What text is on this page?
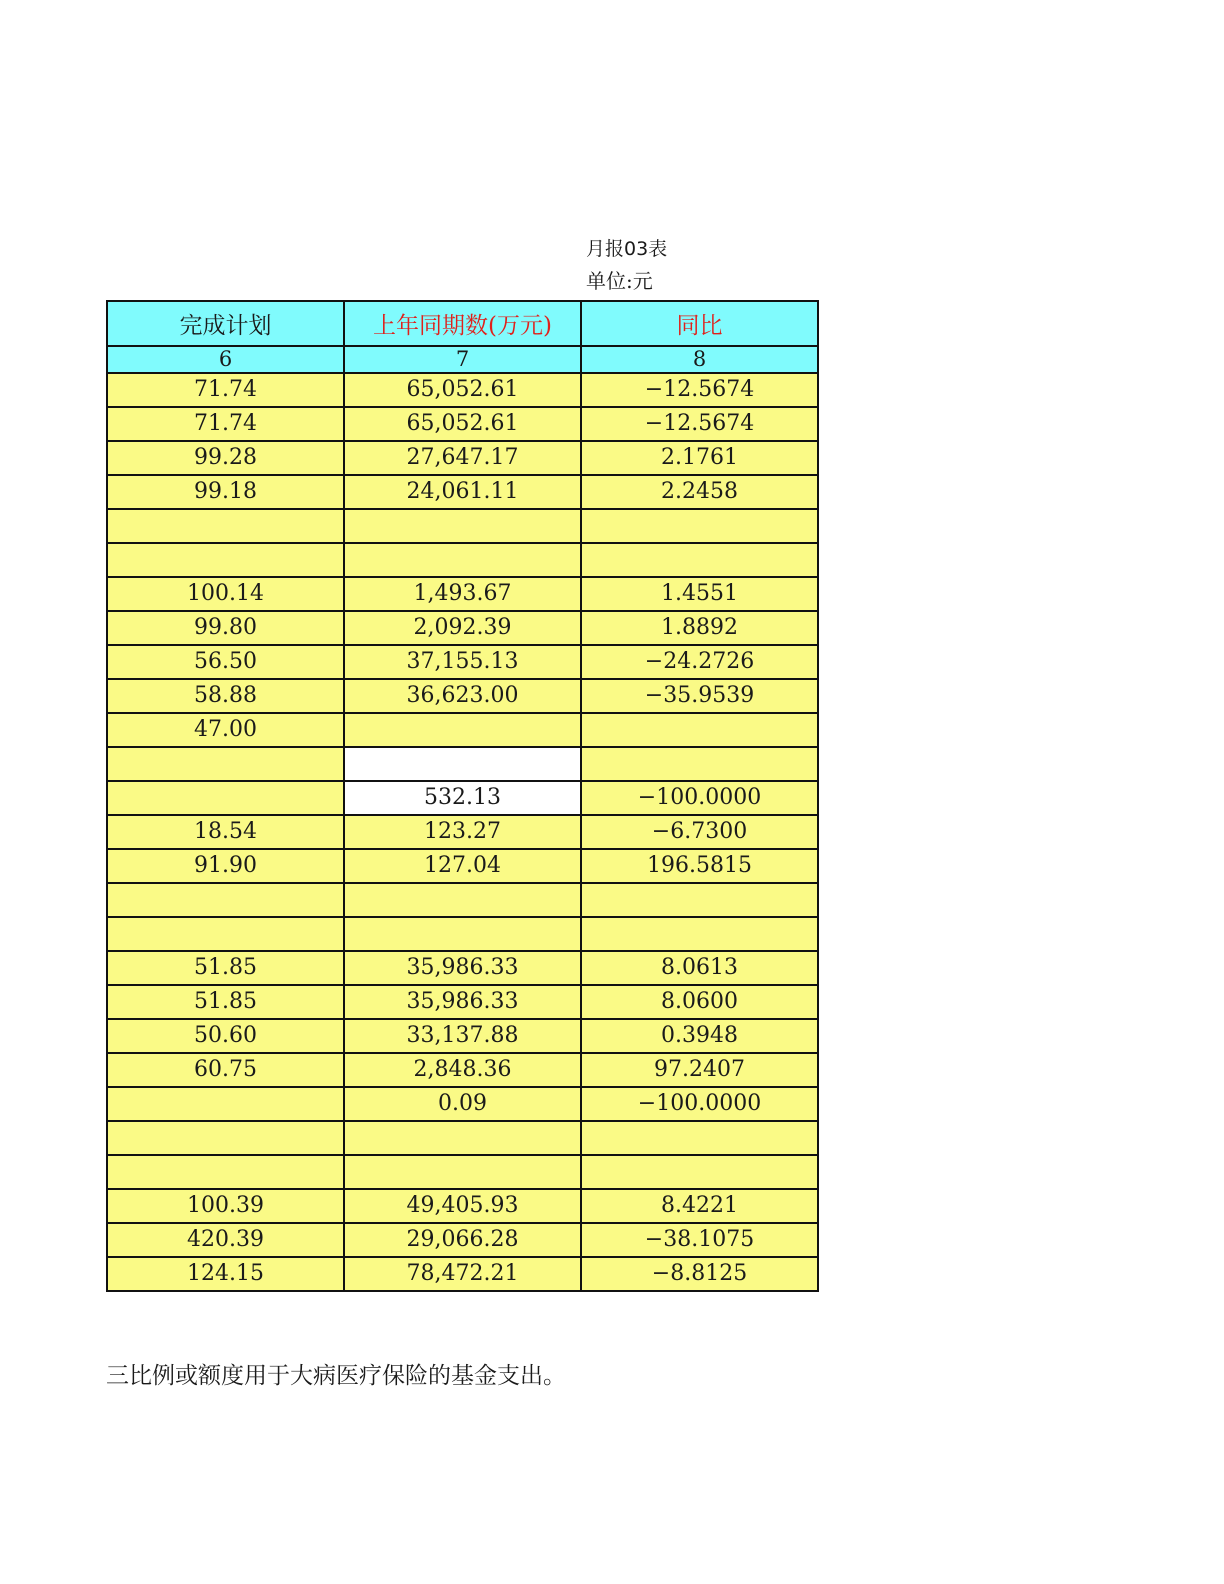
月报03表
单位:元
完成计划	上年同期数(万元)	同比
6	7	8
71.74	65,052.61	−12.5674
71.74	65,052.61	−12.5674
99.28	27,647.17	2.1761
99.18	24,061.11	2.2458

100.14	1,493.67	1.4551
99.80	2,092.39	1.8892
56.50	37,155.13	−24.2726
58.88	36,623.00	−35.9539
47.00		

	532.13	−100.0000
18.54	123.27	−6.7300
91.90	127.04	196.5815

51.85	35,986.33	8.0613
51.85	35,986.33	8.0600
50.60	33,137.88	0.3948
60.75	2,848.36	97.2407
	0.09	−100.0000

100.39	49,405.93	8.4221
420.39	29,066.28	−38.1075
124.15	78,472.21	−8.8125
三比例或额度用于大病医疗保险的基金支出。
